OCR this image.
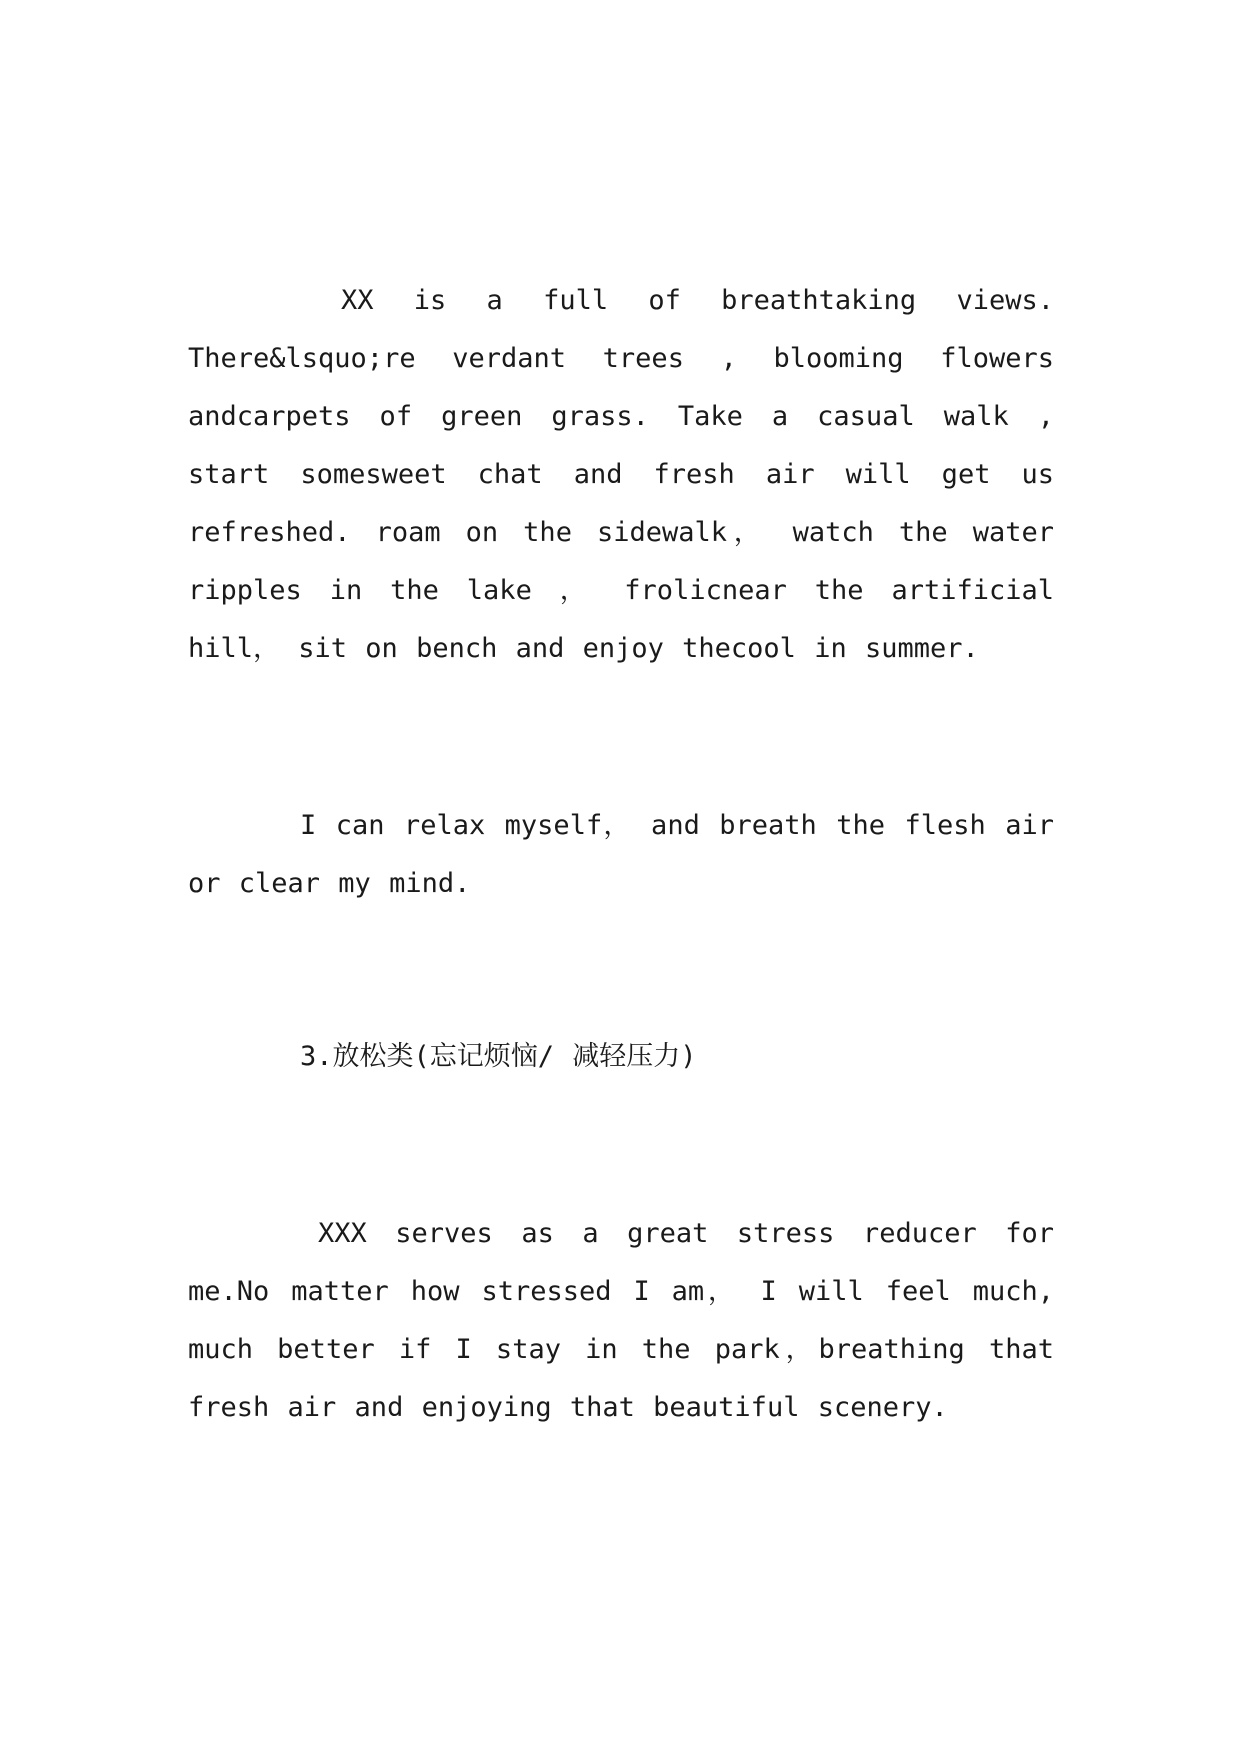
XX is a full of breathtaking views. There&lsquo;re verdant trees , blooming flowers andcarpets of green grass. Take a casual walk , start somesweet chat and fresh air will get us refreshed. roam on the sidewalk， watch the water ripples in the lake ， frolicnear the artificial hill， sit on bench and enjoy thecool in summer.

I can relax myself， and breath the flesh air or clear my mind.

3.放松类(忘记烦恼/ 减轻压力)

XXX serves as a great stress reducer for me.No matter how stressed I am， I will feel much, much better if I stay in the park，breathing that fresh air and enjoying that beautiful scenery.
